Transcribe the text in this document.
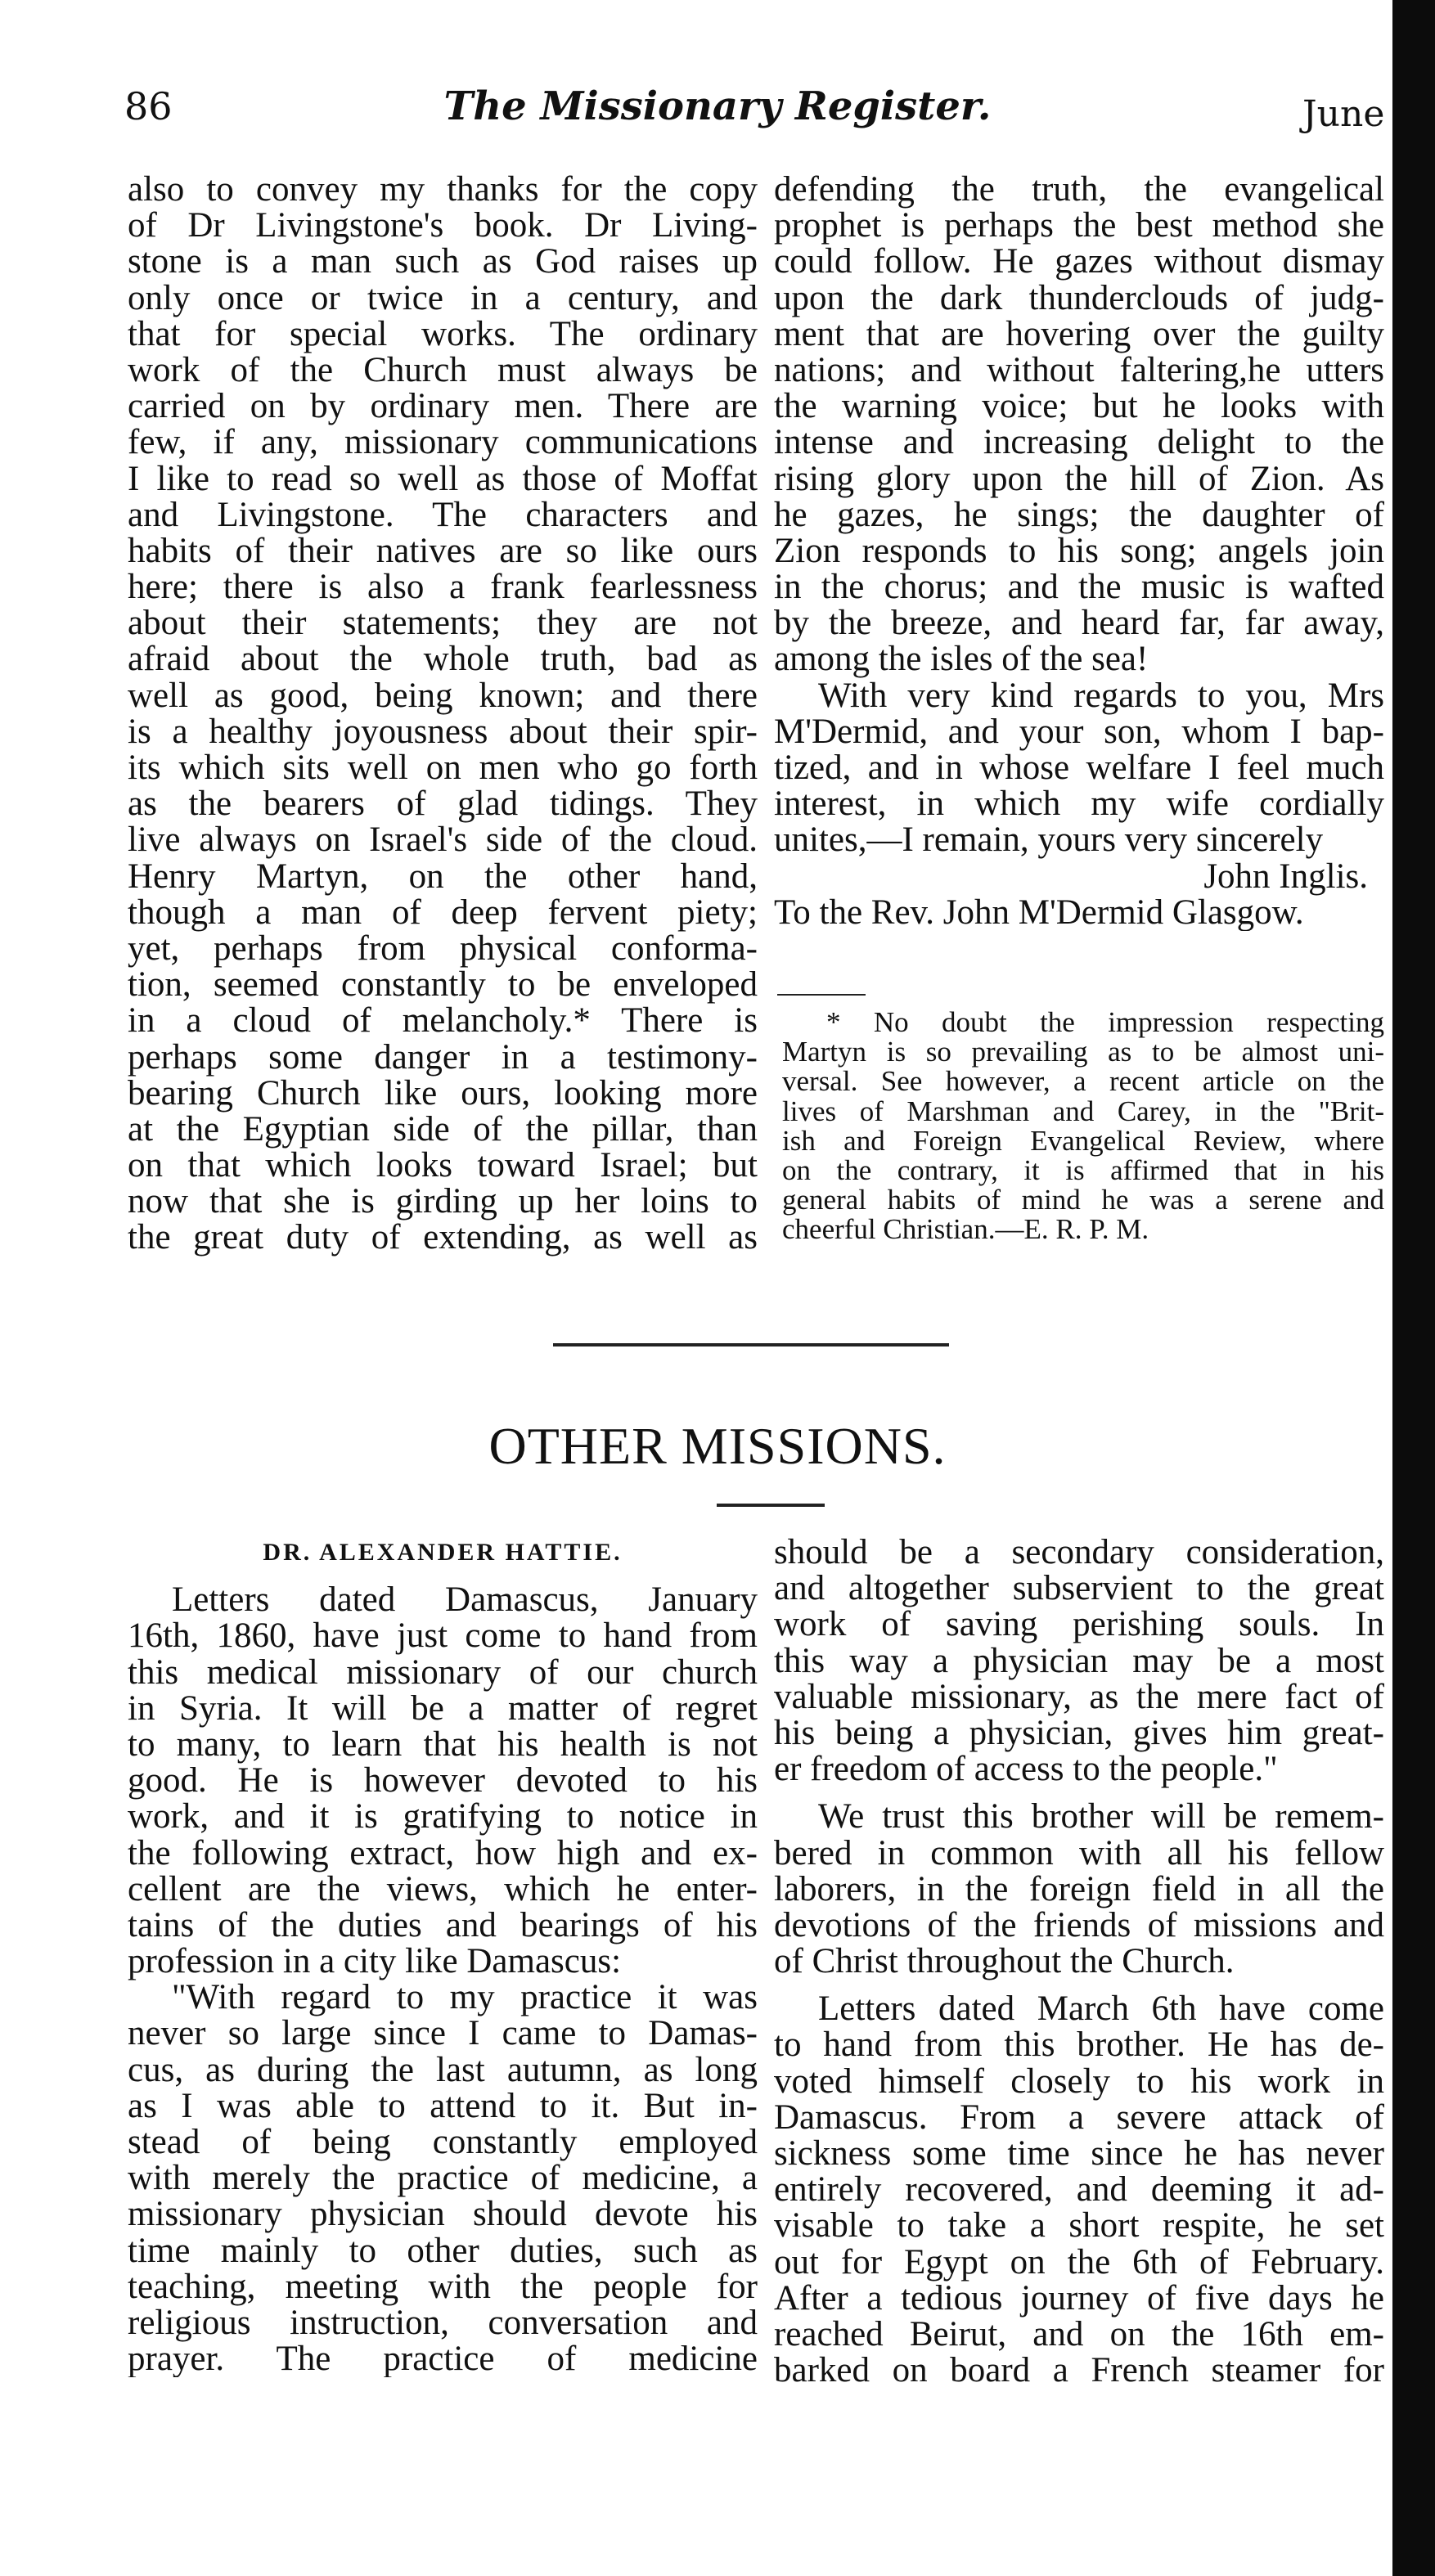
86	The Missionary Register.	June
also to convey my thanks for the copy
of Dr Livingstone's book. Dr Living-
stone is a man such as God raises up
only once or twice in a century, and
that for special works. The ordinary
work of the Church must always be
carried on by ordinary men. There are
few, if any, missionary communications
I like to read so well as those of Moffat
and Livingstone. The characters and
habits of their natives are so like ours
here; there is also a frank fearlessness
about their statements; they are not
afraid about the whole truth, bad as
well as good, being known; and there
is a healthy joyousness about their spir-
its which sits well on men who go forth
as the bearers of glad tidings. They
live always on Israel's side of the cloud.
Henry Martyn, on the other hand,
though a man of deep fervent piety;
yet, perhaps from physical conforma-
tion, seemed constantly to be enveloped
in a cloud of melancholy.* There is
perhaps some danger in a testimony-
bearing Church like ours, looking more
at the Egyptian side of the pillar, than
on that which looks toward Israel; but
now that she is girding up her loins to
the great duty of extending, as well as
defending the truth, the evangelical
prophet is perhaps the best method she
could follow. He gazes without dismay
upon the dark thunderclouds of judg-
ment that are hovering over the guilty
nations; and without faltering,he utters
the warning voice; but he looks with
intense and increasing delight to the
rising glory upon the hill of Zion. As
he gazes, he sings; the daughter of
Zion responds to his song; angels join
in the chorus; and the music is wafted
by the breeze, and heard far, far away,
among the isles of the sea!
With very kind regards to you, Mrs
M'Dermid, and your son, whom I bap-
tized, and in whose welfare I feel much
interest, in which my wife cordially
unites,—I remain, yours very sincerely
John Inglis.
To the Rev. John M'Dermid Glasgow.
* No doubt the impression respecting
Martyn is so prevailing as to be almost uni-
versal. See however, a recent article on the
lives of Marshman and Carey, in the "Brit-
ish and Foreign Evangelical Review, where
on the contrary, it is affirmed that in his
general habits of mind he was a serene and
cheerful Christian.—E. R. P. M.
OTHER MISSIONS.
DR. ALEXANDER HATTIE.
Letters dated Damascus, January
16th, 1860, have just come to hand from
this medical missionary of our church
in Syria. It will be a matter of regret
to many, to learn that his health is not
good. He is however devoted to his
work, and it is gratifying to notice in
the following extract, how high and ex-
cellent are the views, which he enter-
tains of the duties and bearings of his
profession in a city like Damascus:
"With regard to my practice it was
never so large since I came to Damas-
cus, as during the last autumn, as long
as I was able to attend to it. But in-
stead of being constantly employed
with merely the practice of medicine, a
missionary physician should devote his
time mainly to other duties, such as
teaching, meeting with the people for
religious instruction, conversation and
prayer. The practice of medicine
should be a secondary consideration,
and altogether subservient to the great
work of saving perishing souls. In
this way a physician may be a most
valuable missionary, as the mere fact of
his being a physician, gives him great-
er freedom of access to the people."
We trust this brother will be remem-
bered in common with all his fellow
laborers, in the foreign field in all the
devotions of the friends of missions and
of Christ throughout the Church.
Letters dated March 6th have come
to hand from this brother. He has de-
voted himself closely to his work in
Damascus. From a severe attack of
sickness some time since he has never
entirely recovered, and deeming it ad-
visable to take a short respite, he set
out for Egypt on the 6th of February.
After a tedious journey of five days he
reached Beirut, and on the 16th em-
barked on board a French steamer for
